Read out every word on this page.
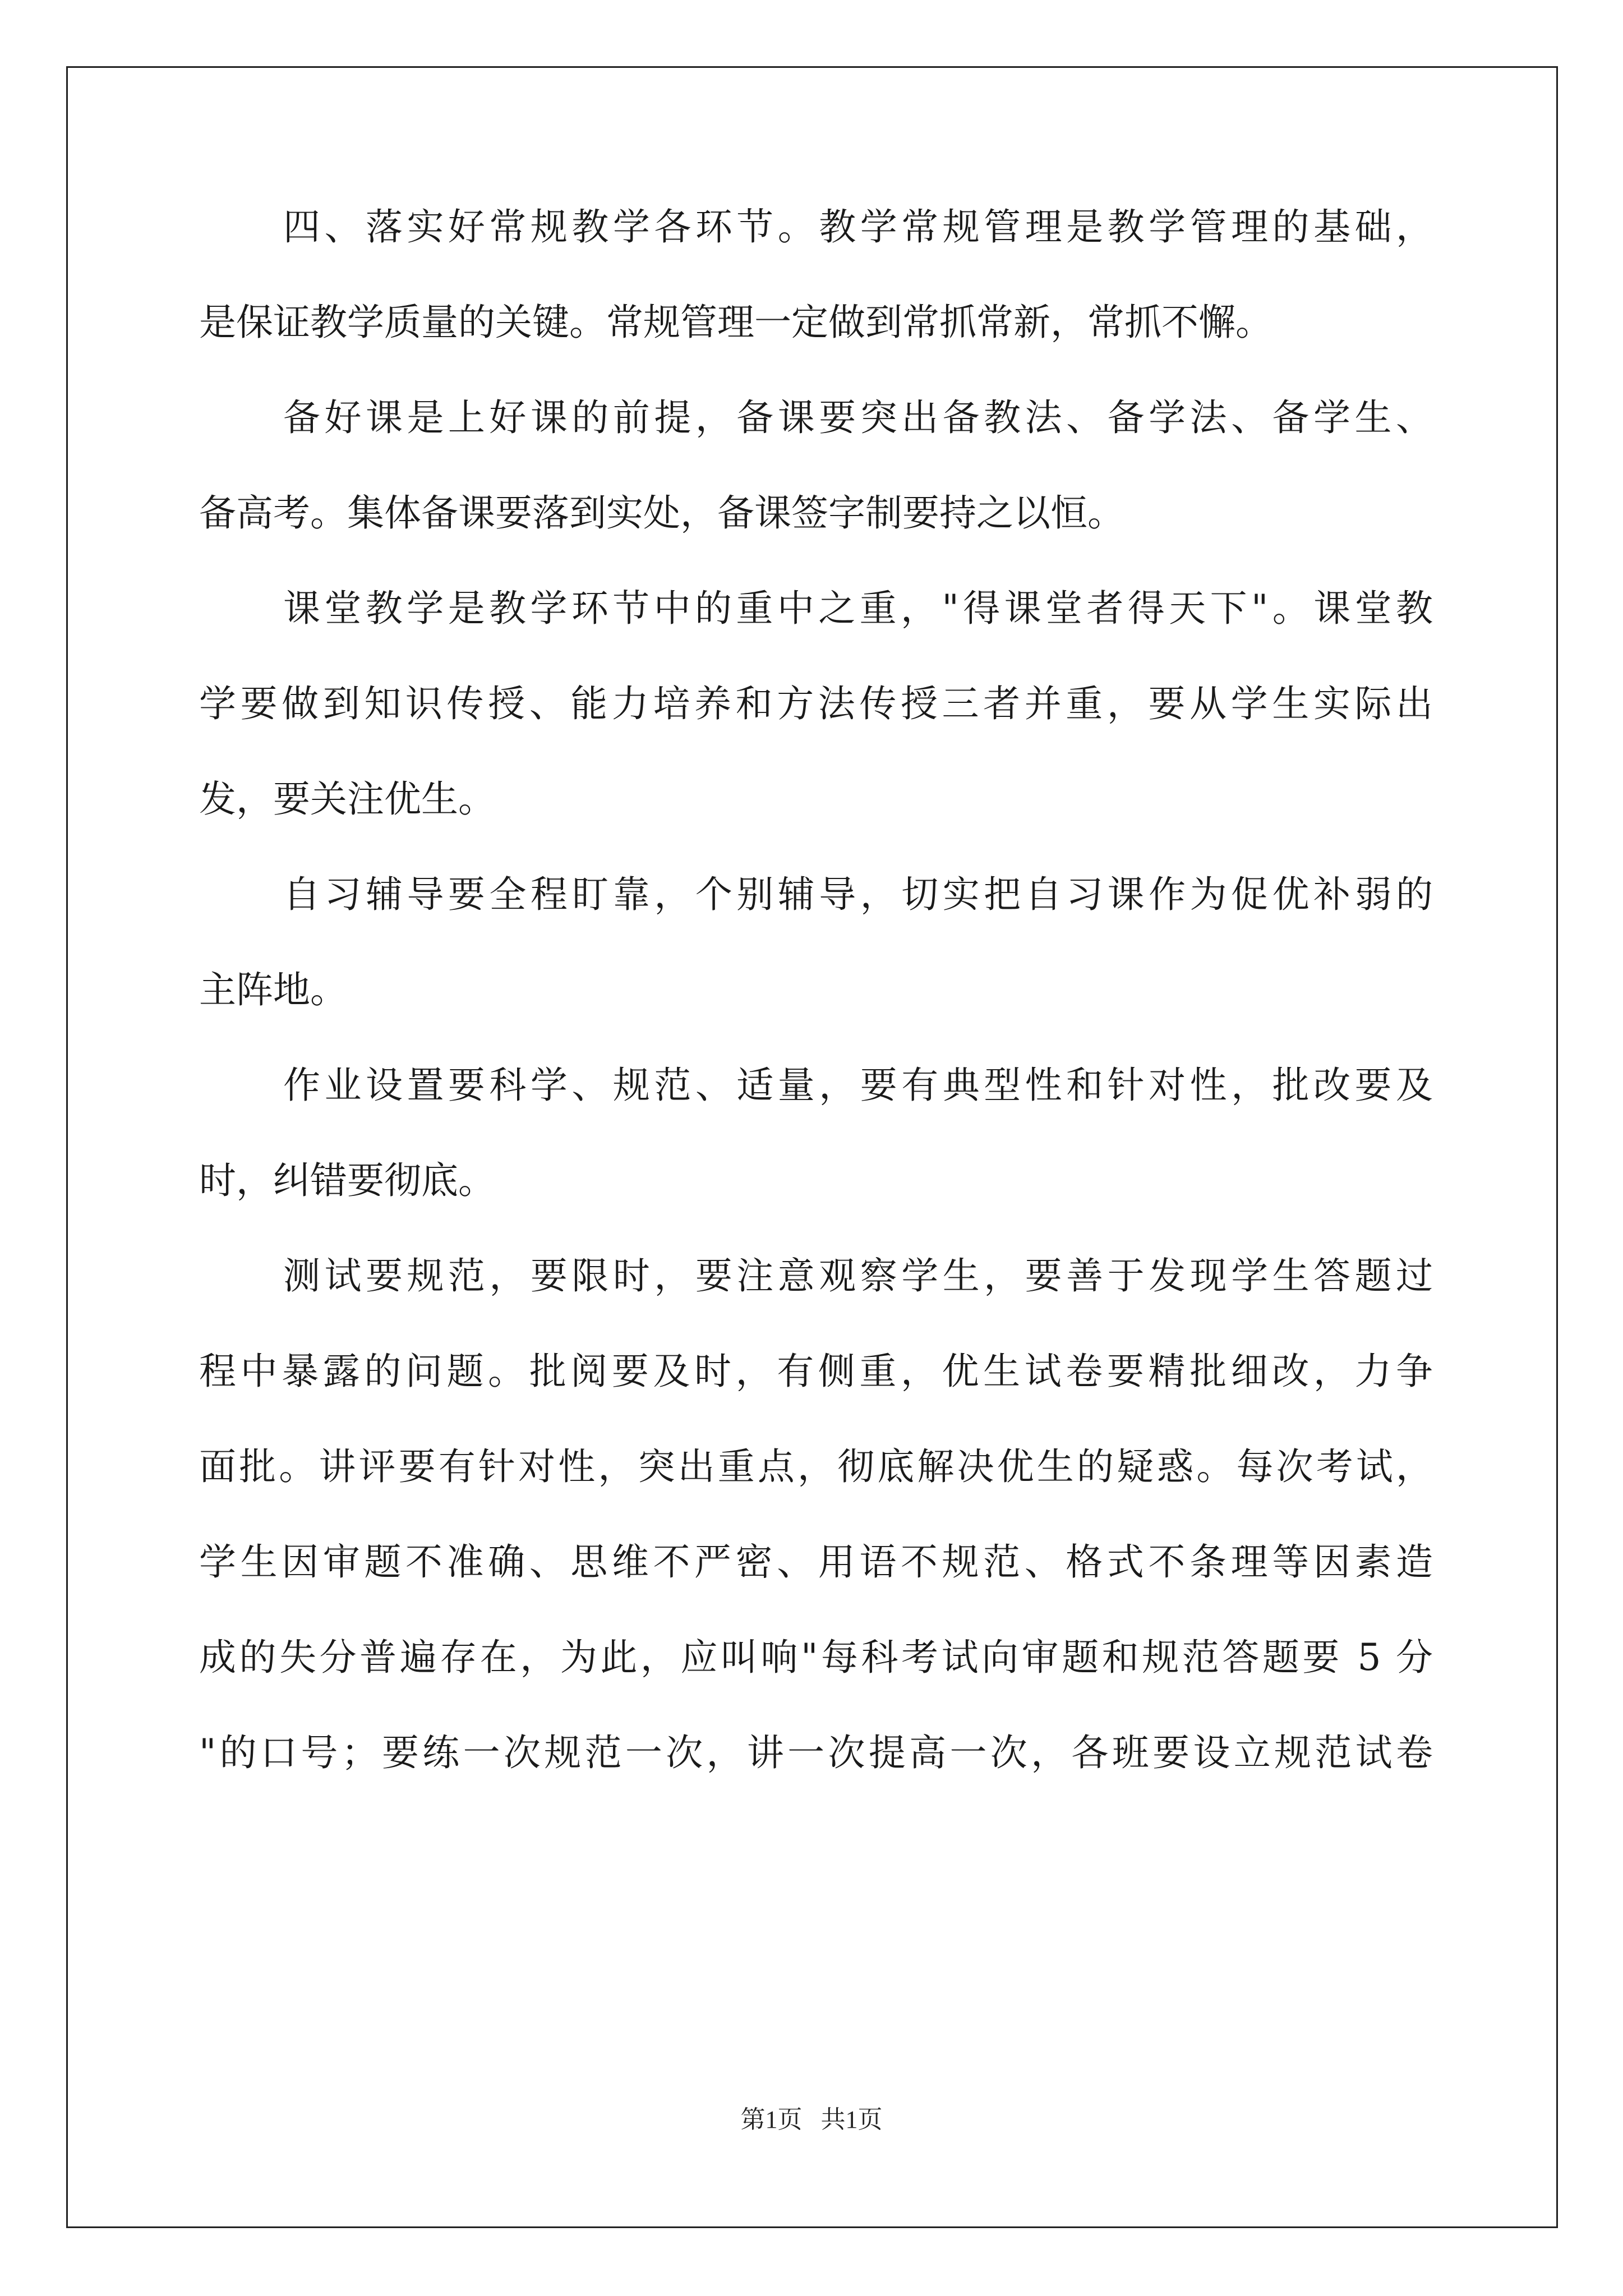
四、落实好常规教学各环节。教学常规管理是教学管理的基础，
是保证教学质量的关键。常规管理一定做到常抓常新，常抓不懈。
备好课是上好课的前提，备课要突出备教法、备学法、备学生、
备高考。集体备课要落到实处，备课签字制要持之以恒。
课堂教学是教学环节中的重中之重，"得课堂者得天下"。课堂教
学要做到知识传授、能力培养和方法传授三者并重，要从学生实际出
发，要关注优生。
自习辅导要全程盯靠，个别辅导，切实把自习课作为促优补弱的
主阵地。
作业设置要科学、规范、适量，要有典型性和针对性，批改要及
时，纠错要彻底。
测试要规范，要限时，要注意观察学生，要善于发现学生答题过
程中暴露的问题。批阅要及时，有侧重，优生试卷要精批细改，力争
面批。讲评要有针对性，突出重点，彻底解决优生的疑惑。每次考试，
学生因审题不准确、思维不严密、用语不规范、格式不条理等因素造
成的失分普遍存在，为此，应叫响"每科考试向审题和规范答题要 5 分
"的口号；要练一次规范一次，讲一次提高一次，各班要设立规范试卷
第1页   共1页
